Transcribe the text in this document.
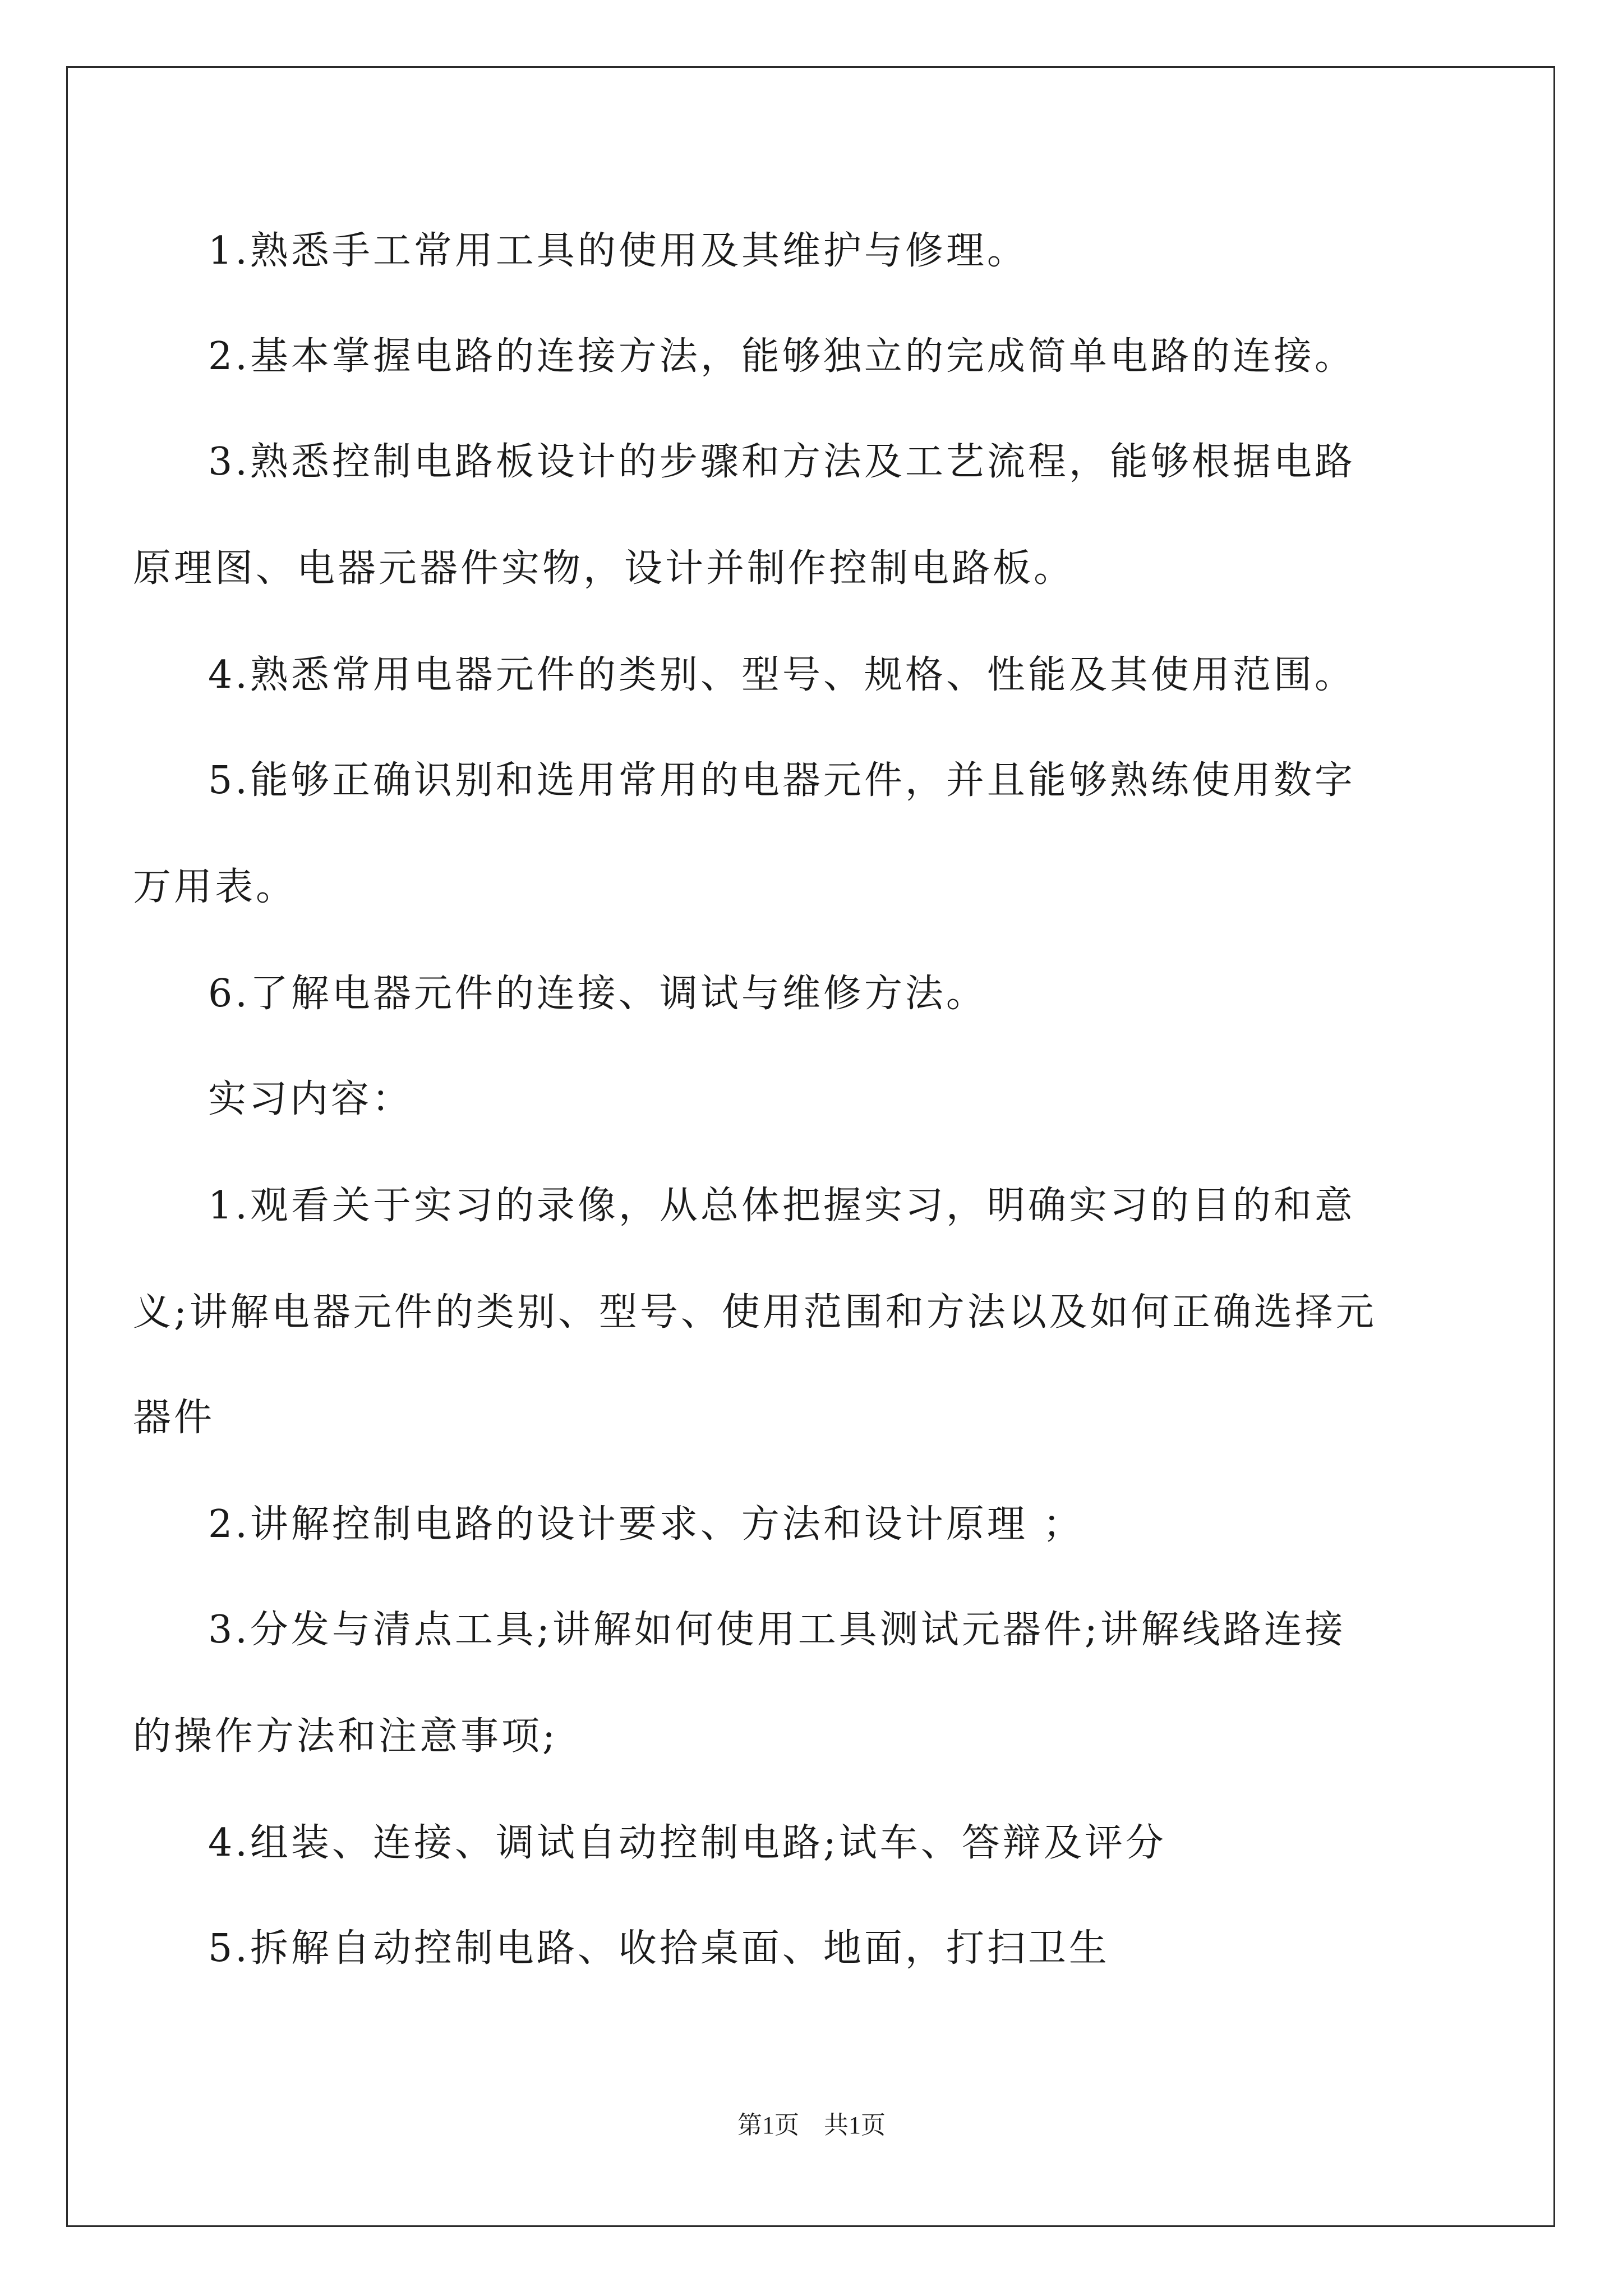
1.熟悉手工常用工具的使用及其维护与修理。
2.基本掌握电路的连接方法，能够独立的完成简单电路的连接。
3.熟悉控制电路板设计的步骤和方法及工艺流程，能够根据电路
原理图、电器元器件实物，设计并制作控制电路板。
4.熟悉常用电器元件的类别、型号、规格、性能及其使用范围。
5.能够正确识别和选用常用的电器元件，并且能够熟练使用数字
万用表。
6.了解电器元件的连接、调试与维修方法。
实习内容：
1.观看关于实习的录像，从总体把握实习，明确实习的目的和意
义;讲解电器元件的类别、型号、使用范围和方法以及如何正确选择元
器件
2.讲解控制电路的设计要求、方法和设计原理 ；
3.分发与清点工具;讲解如何使用工具测试元器件;讲解线路连接
的操作方法和注意事项;
4.组装、连接、调试自动控制电路;试车、答辩及评分
5.拆解自动控制电路、收拾桌面、地面，打扫卫生
第1页　共1页
